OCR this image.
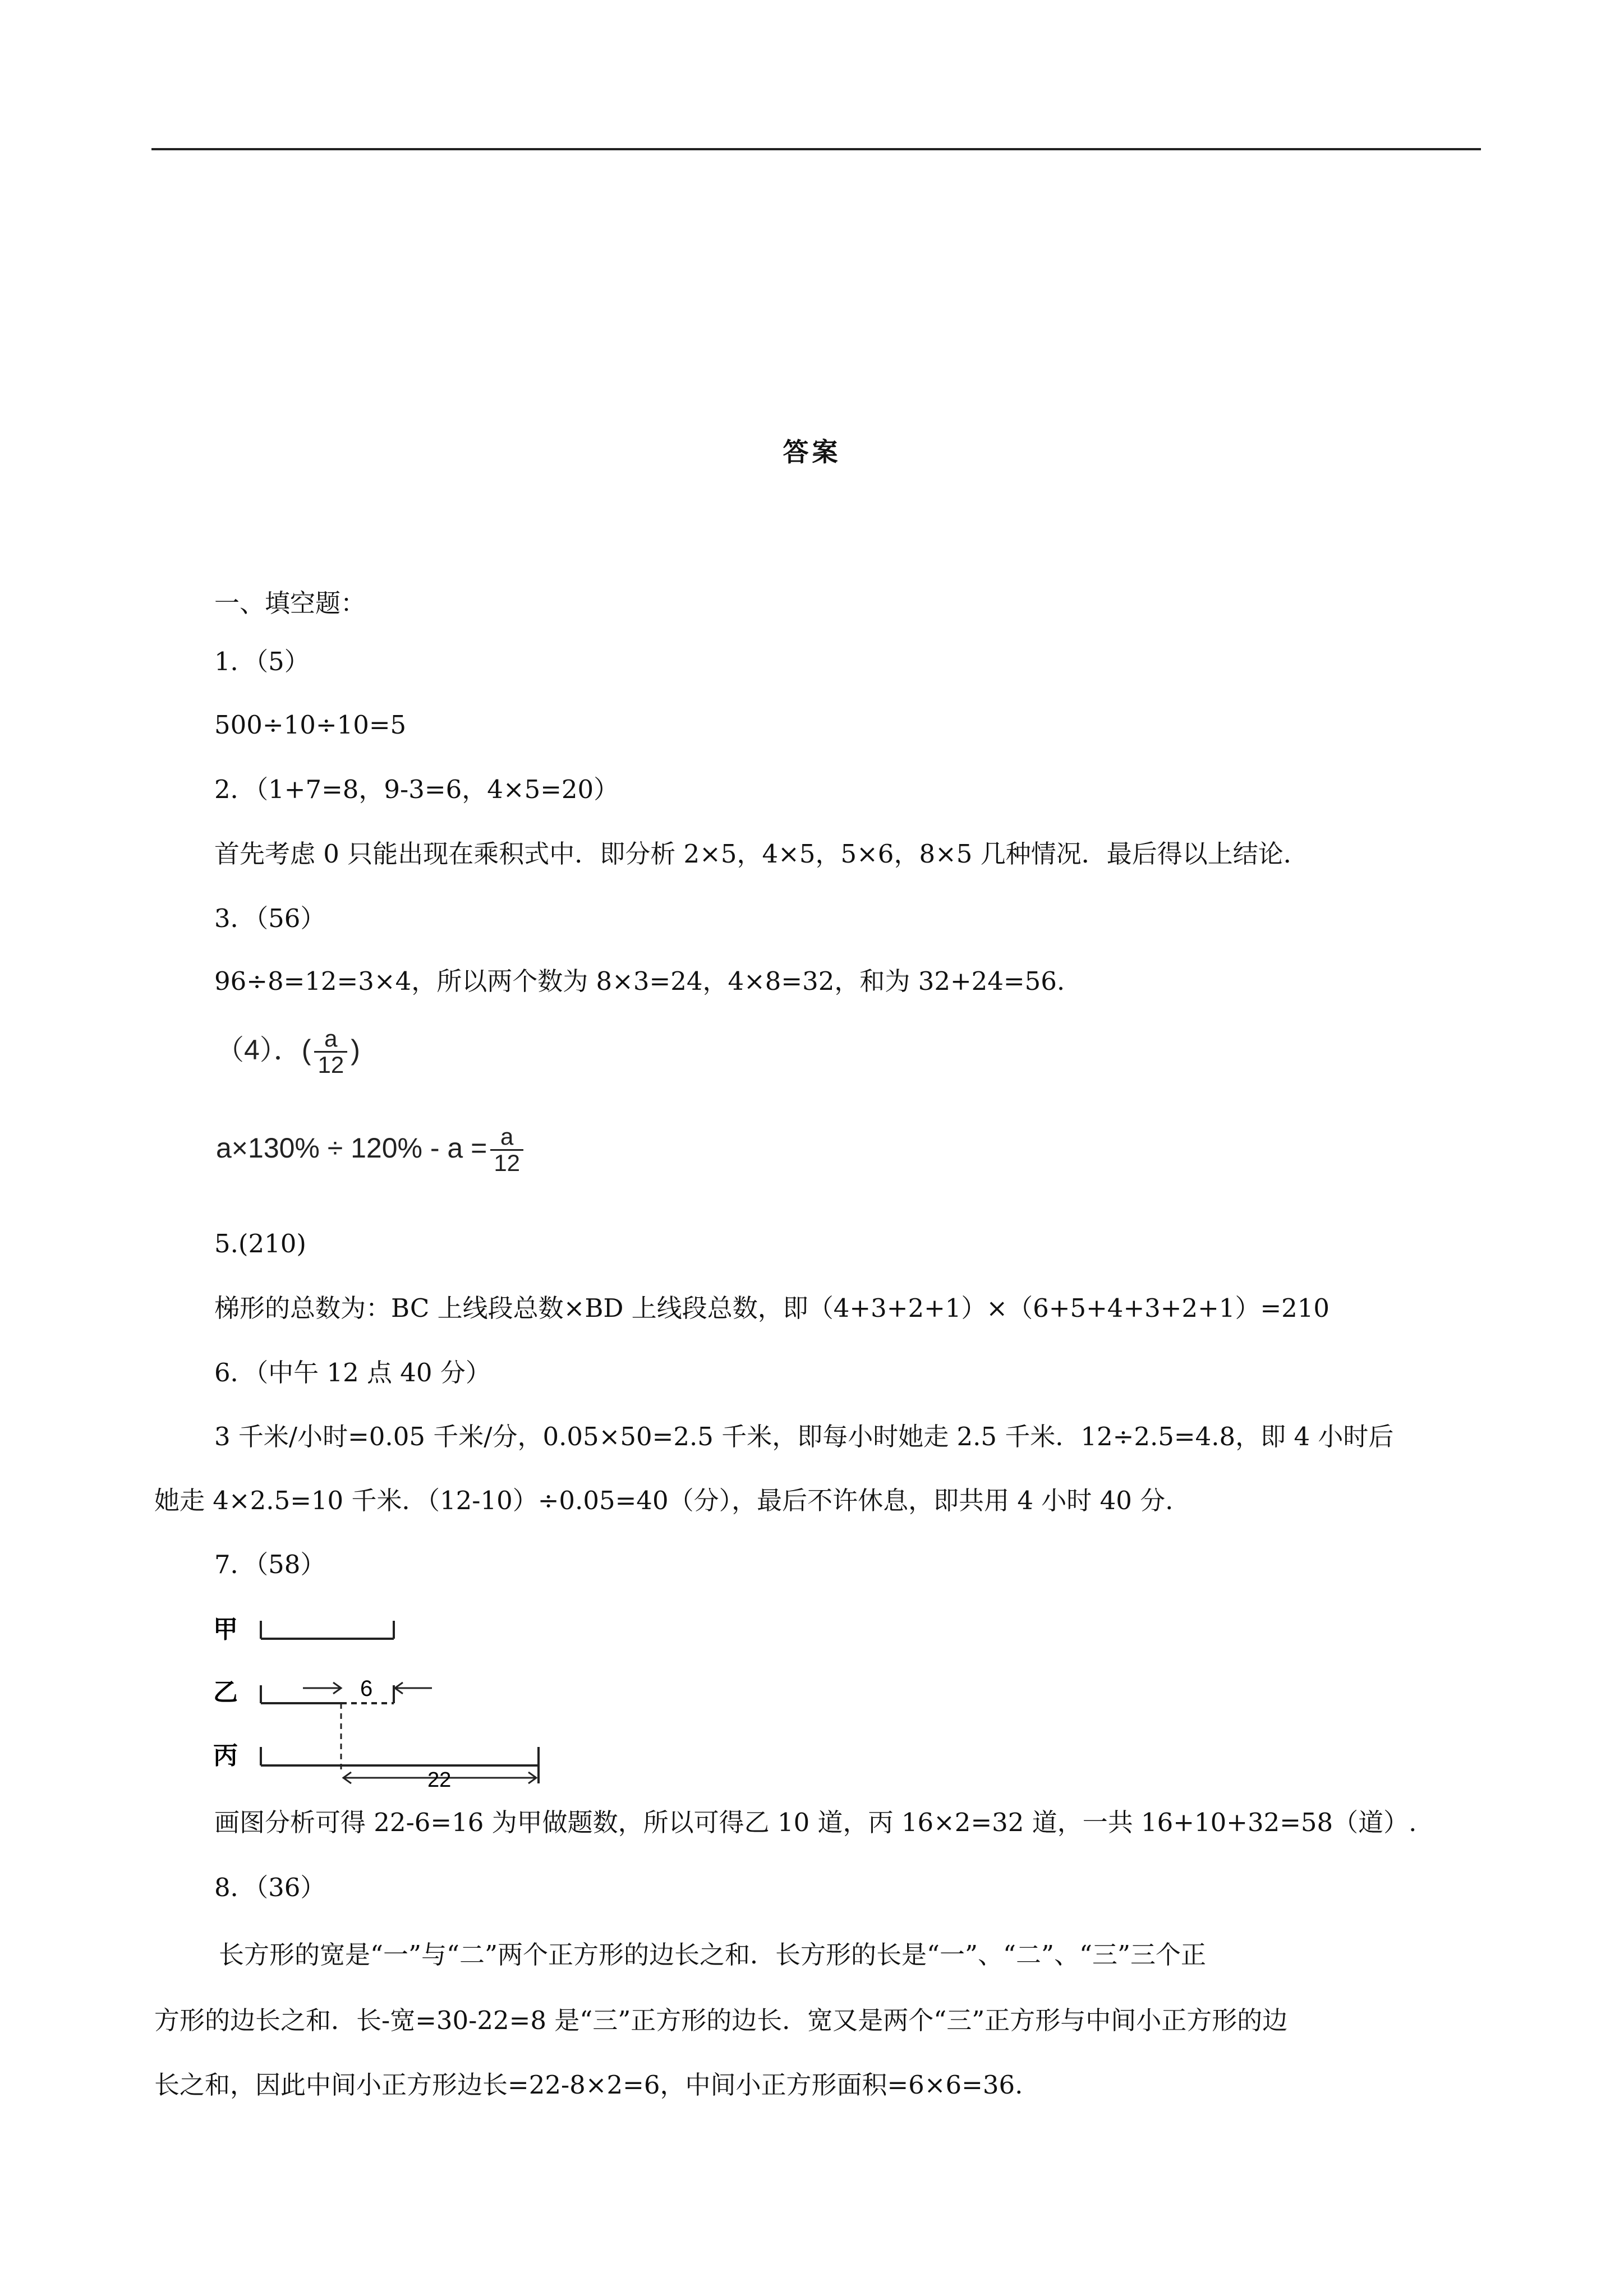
答案
一、填空题：
1．（5）
500÷10÷10=5
2．（1+7=8，9-3=6，4×5=20）
首先考虑 0 只能出现在乘积式中．即分析 2×5，4×5，5×6，8×5 几种情况．最后得以上结论．
3．（56）
96÷8=12=3×4，所以两个数为 8×3=24，4×8=32，和为 32+24=56.
（4）．( $\frac{a}{12}$ )
$a\times 130\% \div 120\% - a = \frac{a}{12}$
5.(210)
梯形的总数为：BC 上线段总数×BD 上线段总数，即（4+3+2+1）×（6+5+4+3+2+1）=210
6．（中午 12 点 40 分）
3 千米/小时=0.05 千米/分，0.05×50=2.5 千米，即每小时她走 2.5 千米．12÷2.5=4.8，即 4 小时后
她走 4×2.5=10 千米．（12-10）÷0.05=40（分），最后不许休息，即共用 4 小时 40 分.
7．（58）
甲
乙
丙
6
22
画图分析可得 22-6=16 为甲做题数，所以可得乙 10 道，丙 16×2=32 道，一共 16+10+32=58（道）.
8．（36）
长方形的宽是“一”与“二”两个正方形的边长之和．长方形的长是“一”、“二”、“三”三个正
方形的边长之和．长-宽=30-22=8 是“三”正方形的边长．宽又是两个“三”正方形与中间小正方形的边
长之和，因此中间小正方形边长=22-8×2=6，中间小正方形面积=6×6=36.
